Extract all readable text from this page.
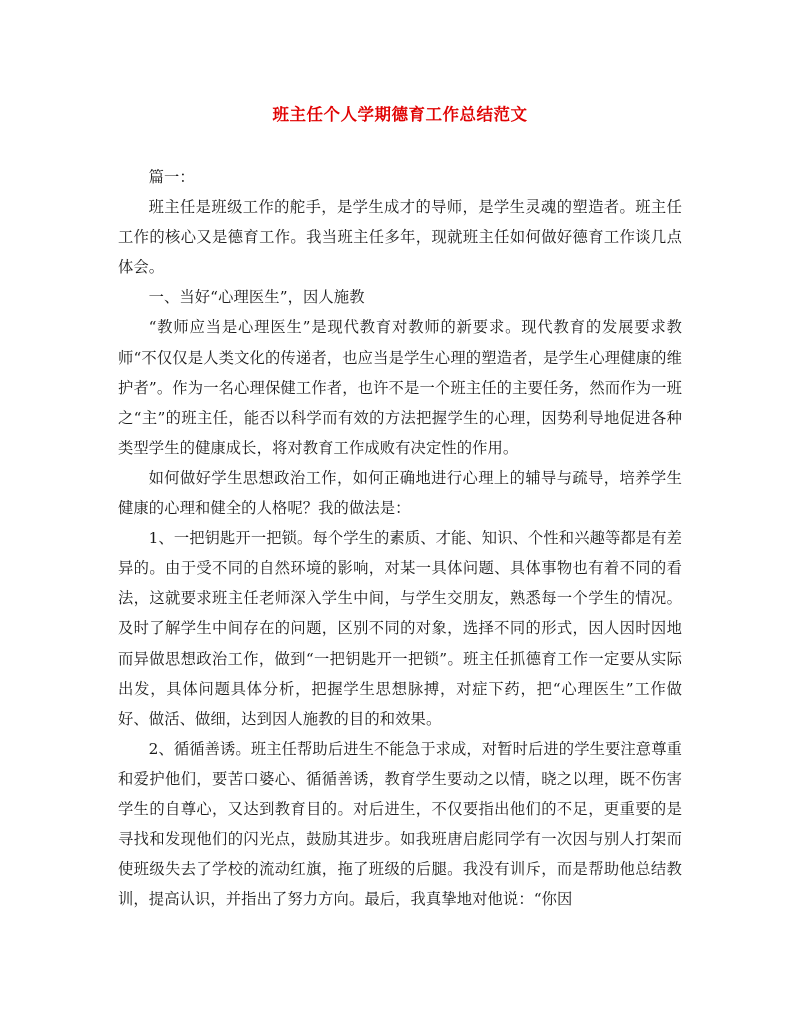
班主任个人学期德育工作总结范文

篇一：

班主任是班级工作的舵手，是学生成才的导师，是学生灵魂的塑造者。班主任工作的核心又是德育工作。我当班主任多年，现就班主任如何做好德育工作谈几点体会。

一、当好“心理医生”，因人施教

“教师应当是心理医生”是现代教育对教师的新要求。现代教育的发展要求教师“不仅仅是人类文化的传递者，也应当是学生心理的塑造者，是学生心理健康的维护者”。作为一名心理保健工作者，也许不是一个班主任的主要任务，然而作为一班之“主”的班主任，能否以科学而有效的方法把握学生的心理，因势利导地促进各种类型学生的健康成长，将对教育工作成败有决定性的作用。

如何做好学生思想政治工作，如何正确地进行心理上的辅导与疏导，培养学生健康的心理和健全的人格呢？我的做法是：

1、一把钥匙开一把锁。每个学生的素质、才能、知识、个性和兴趣等都是有差异的。由于受不同的自然环境的影响，对某一具体问题、具体事物也有着不同的看法，这就要求班主任老师深入学生中间，与学生交朋友，熟悉每一个学生的情况。及时了解学生中间存在的问题，区别不同的对象，选择不同的形式，因人因时因地而异做思想政治工作，做到“一把钥匙开一把锁”。班主任抓德育工作一定要从实际出发，具体问题具体分析，把握学生思想脉搏，对症下药，把“心理医生”工作做好、做活、做细，达到因人施教的目的和效果。

2、循循善诱。班主任帮助后进生不能急于求成，对暂时后进的学生要注意尊重和爱护他们，要苦口婆心、循循善诱，教育学生要动之以情，晓之以理，既不伤害学生的自尊心，又达到教育目的。对后进生，不仅要指出他们的不足，更重要的是寻找和发现他们的闪光点，鼓励其进步。如我班唐启彪同学有一次因与别人打架而使班级失去了学校的流动红旗，拖了班级的后腿。我没有训斥，而是帮助他总结教训，提高认识，并指出了努力方向。最后，我真挚地对他说：“你因
